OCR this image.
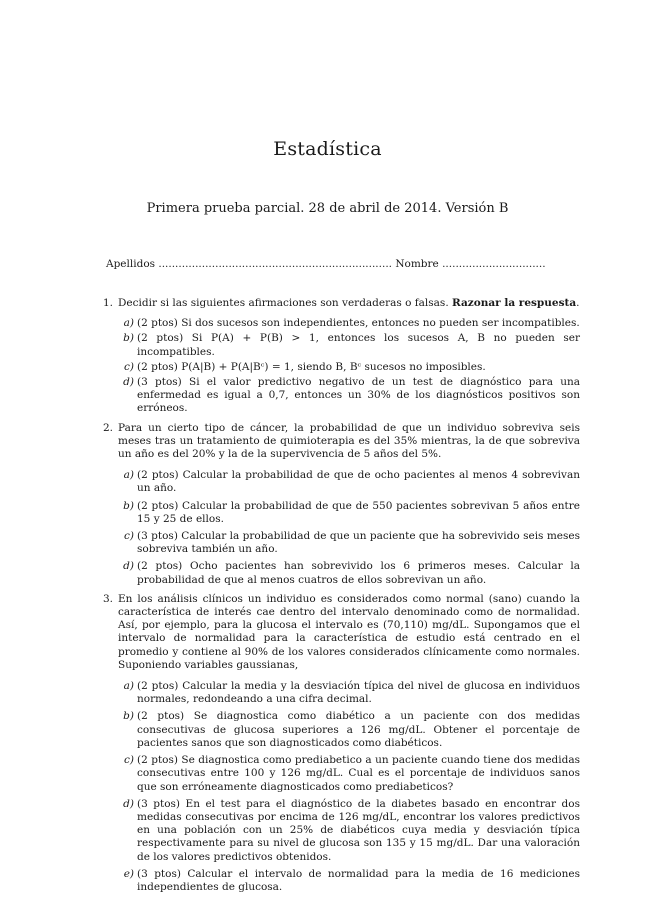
Estadística
Primera prueba parcial. 28 de abril de 2014. Versión B
Apellidos ...................................................................... Nombre ...............................
1. Decidir si las siguientes afirmaciones son verdaderas o falsas. Razonar la respuesta.
a) (2 ptos) Si dos sucesos son independientes, entonces no pueden ser incompatibles.
b) (2 ptos) Si P(A) + P(B) > 1, entonces los sucesos A, B no pueden ser incompatibles.
c) (2 ptos) P(A|B) + P(A|Bᶜ) = 1, siendo B, Bᶜ sucesos no imposibles.
d) (3 ptos) Si el valor predictivo negativo de un test de diagnóstico para una enfermedad es igual a 0,7, entonces un 30% de los diagnósticos positivos son erróneos.
2. Para un cierto tipo de cáncer, la probabilidad de que un individuo sobreviva seis meses tras un tratamiento de quimioterapia es del 35% mientras, la de que sobreviva un año es del 20% y la de la supervivencia de 5 años del 5%.
a) (2 ptos) Calcular la probabilidad de que de ocho pacientes al menos 4 sobrevivan un año.
b) (2 ptos) Calcular la probabilidad de que de 550 pacientes sobrevivan 5 años entre 15 y 25 de ellos.
c) (3 ptos) Calcular la probabilidad de que un paciente que ha sobrevivido seis meses sobreviva también un año.
d) (2 ptos) Ocho pacientes han sobrevivido los 6 primeros meses. Calcular la probabilidad de que al menos cuatros de ellos sobrevivan un año.
3. En los análisis clínicos un individuo es considerados como normal (sano) cuando la característica de interés cae dentro del intervalo denominado como de normalidad. Así, por ejemplo, para la glucosa el intervalo es (70,110) mg/dL. Supongamos que el intervalo de normalidad para la característica de estudio está centrado en el promedio y contiene al 90% de los valores considerados clínicamente como normales. Suponiendo variables gaussianas,
a) (2 ptos) Calcular la media y la desviación típica del nivel de glucosa en individuos normales, redondeando a una cifra decimal.
b) (2 ptos) Se diagnostica como diabético a un paciente con dos medidas consecutivas de glucosa superiores a 126 mg/dL. Obtener el porcentaje de pacientes sanos que son diagnosticados como diabéticos.
c) (2 ptos) Se diagnostica como prediabetico a un paciente cuando tiene dos medidas consecutivas entre 100 y 126 mg/dL. Cual es el porcentaje de individuos sanos que son erróneamente diagnosticados como prediabeticos?
d) (3 ptos) En el test para el diagnóstico de la diabetes basado en encontrar dos medidas consecutivas por encima de 126 mg/dL, encontrar los valores predictivos en una población con un 25% de diabéticos cuya media y desviación típica respectivamente para su nivel de glucosa son 135 y 15 mg/dL. Dar una valoración de los valores predictivos obtenidos.
e) (3 ptos) Calcular el intervalo de normalidad para la media de 16 mediciones independientes de glucosa.
